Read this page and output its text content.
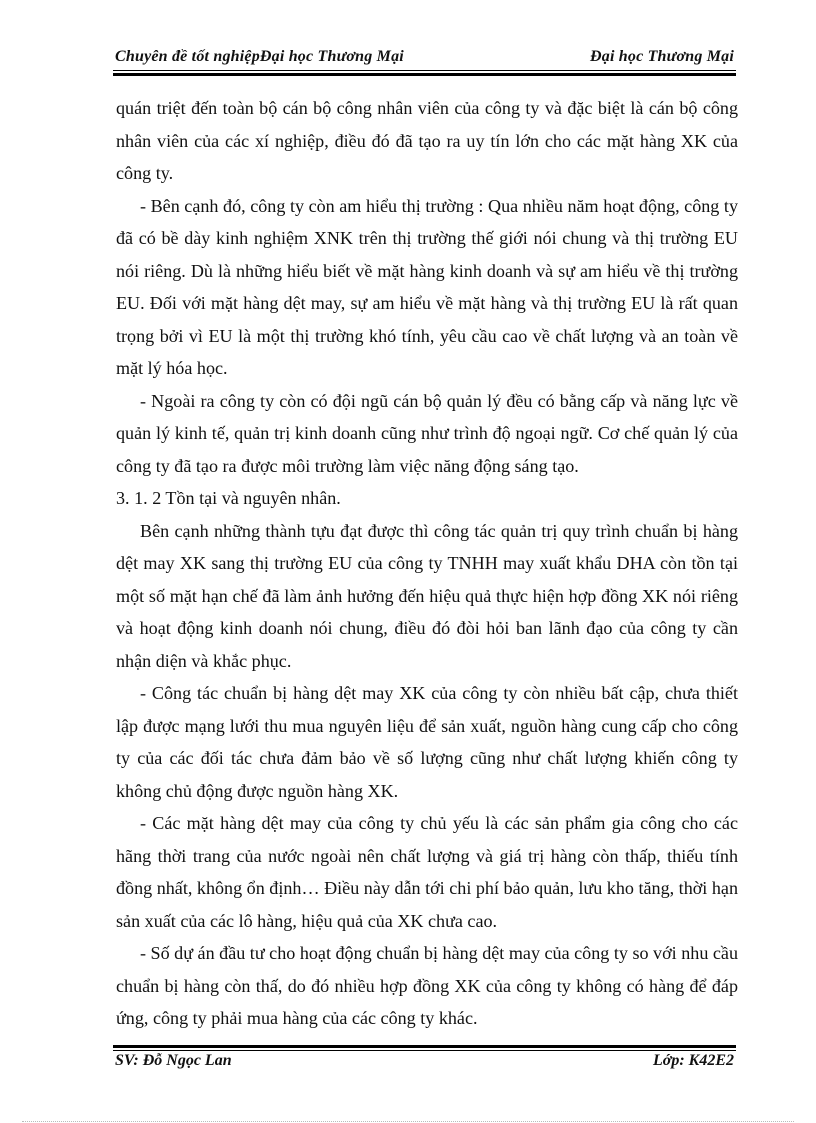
Chuyên đề tốt nghiệpĐại học Thương Mại	Đại học Thương Mại

quán triệt đến toàn bộ cán bộ công nhân viên của công ty và đặc biệt là cán bộ công nhân viên của các xí nghiệp, điều đó đã tạo ra uy tín lớn cho các mặt hàng XK của công ty.

- Bên cạnh đó, công ty còn am hiểu thị trường : Qua nhiều năm hoạt động, công ty đã có bề dày kinh nghiệm XNK trên thị trường thế giới nói chung và thị trường EU nói riêng. Dù là những hiểu biết về mặt hàng kinh doanh và sự am hiểu về thị trường EU. Đối với mặt hàng dệt may, sự am hiểu về mặt hàng và thị trường EU là rất quan trọng bởi vì EU là một thị trường khó tính, yêu cầu cao về chất lượng và an toàn về mặt lý hóa học.

- Ngoài ra công ty còn có đội ngũ cán bộ quản lý đều có bằng cấp và năng lực về quản lý kinh tế, quản trị kinh doanh cũng như trình độ ngoại ngữ. Cơ chế quản lý của công ty đã tạo ra được môi trường làm việc năng động sáng tạo.

3. 1. 2 Tồn tại và nguyên nhân.

Bên cạnh những thành tựu đạt được thì công tác quản trị quy trình chuẩn bị hàng dệt may XK sang thị trường EU của công ty TNHH may xuất khẩu DHA còn tồn tại một số mặt hạn chế đã làm ảnh hưởng đến hiệu quả thực hiện hợp đồng XK nói riêng và hoạt động kinh doanh nói chung, điều đó đòi hỏi ban lãnh đạo của công ty cần nhận diện và khắc phục.

- Công tác chuẩn bị hàng dệt may XK của công ty còn nhiều bất cập, chưa thiết lập được mạng lưới thu mua nguyên liệu để sản xuất, nguồn hàng cung cấp cho công ty của các đối tác chưa đảm bảo về số lượng cũng như chất lượng khiến công ty không chủ động được nguồn hàng XK.

- Các mặt hàng dệt may của công ty chủ yếu là các sản phẩm gia công cho các hãng thời trang của nước ngoài nên chất lượng và giá trị hàng còn thấp, thiếu tính đồng nhất, không ổn định… Điều này dẫn tới chi phí bảo quản, lưu kho tăng, thời hạn sản xuất của các lô hàng, hiệu quả của XK chưa cao.

- Số dự án đầu tư cho hoạt động chuẩn bị hàng dệt may của công ty so với nhu cầu chuẩn bị hàng còn thấ, do đó nhiều hợp đồng XK của công ty không có hàng để đáp ứng, công ty phải mua hàng của các công ty khác.

SV: Đỗ Ngọc Lan	Lớp: K42E2
